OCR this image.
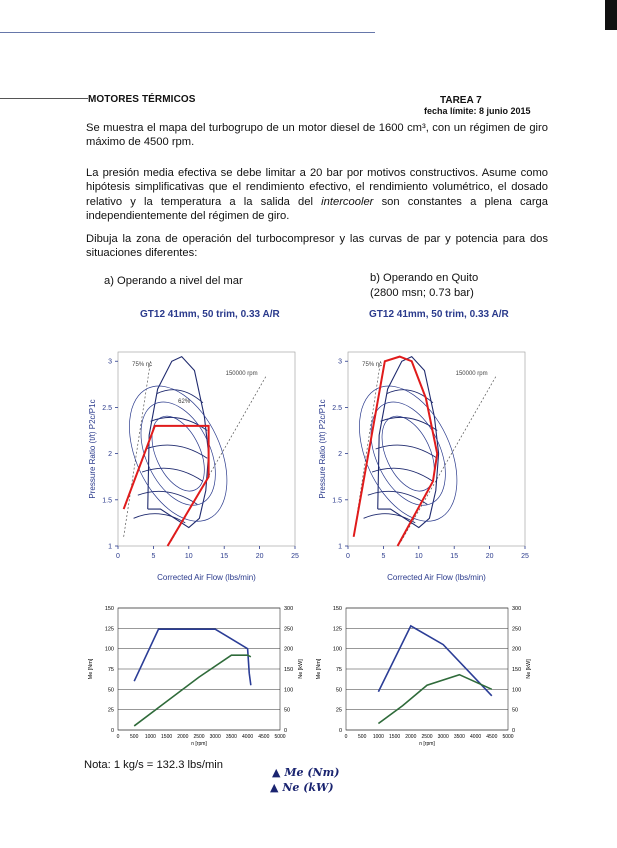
MOTORES TÉRMICOS	TAREA 7
fecha límite: 8 junio 2015
Se muestra el mapa del turbogrupo de un motor diesel de 1600 cm³, con un régimen de giro máximo de 4500 rpm.
La presión media efectiva se debe limitar a 20 bar por motivos constructivos. Asume como hipótesis simplificativas que el rendimiento efectivo, el rendimiento volumétrico, el dosado relativo y la temperatura a la salida del intercooler son constantes a plena carga independientemente del régimen de giro.
Dibuja la zona de operación del turbocompresor y las curvas de par y potencia para dos situaciones diferentes:
a) Operando a nivel del mar	b) Operando en Quito
(2800 msn; 0.73 bar)
GT12 41mm, 50 trim, 0.33 A/R	GT12 41mm, 50 trim, 0.33 A/R
0	5	10	15	20	25
1
1.5
2
2.5
3
Corrected Air Flow (lbs/min)
Pressure Ratio (t/t) P2c/P1c
75% ηc
150000 rpm
62%
0	5	10	15	20	25
1
1.5
2
2.5
3
Corrected Air Flow (lbs/min)
Pressure Ratio (t/t) P2c/P1c
75% ηc
150000 rpm
0
25
50
75
100
125
150
0
50
100
150
200
250
300
0 500 1000 1500 2000 2500 3000 3500 4000 4500 5000
n [rpm]
Me [Nm]	Ne [kW]
0
25
50
75
100
125
150
0
50
100
150
200
250
300
0 500 1000 1500 2000 2500 3000 3500 4000 4500 5000
n [rpm]
Me [Nm]	Ne [kW]
Nota: 1 kg/s = 132.3 lbs/min
▲ Me (Nm)
▲ Ne (kW)
